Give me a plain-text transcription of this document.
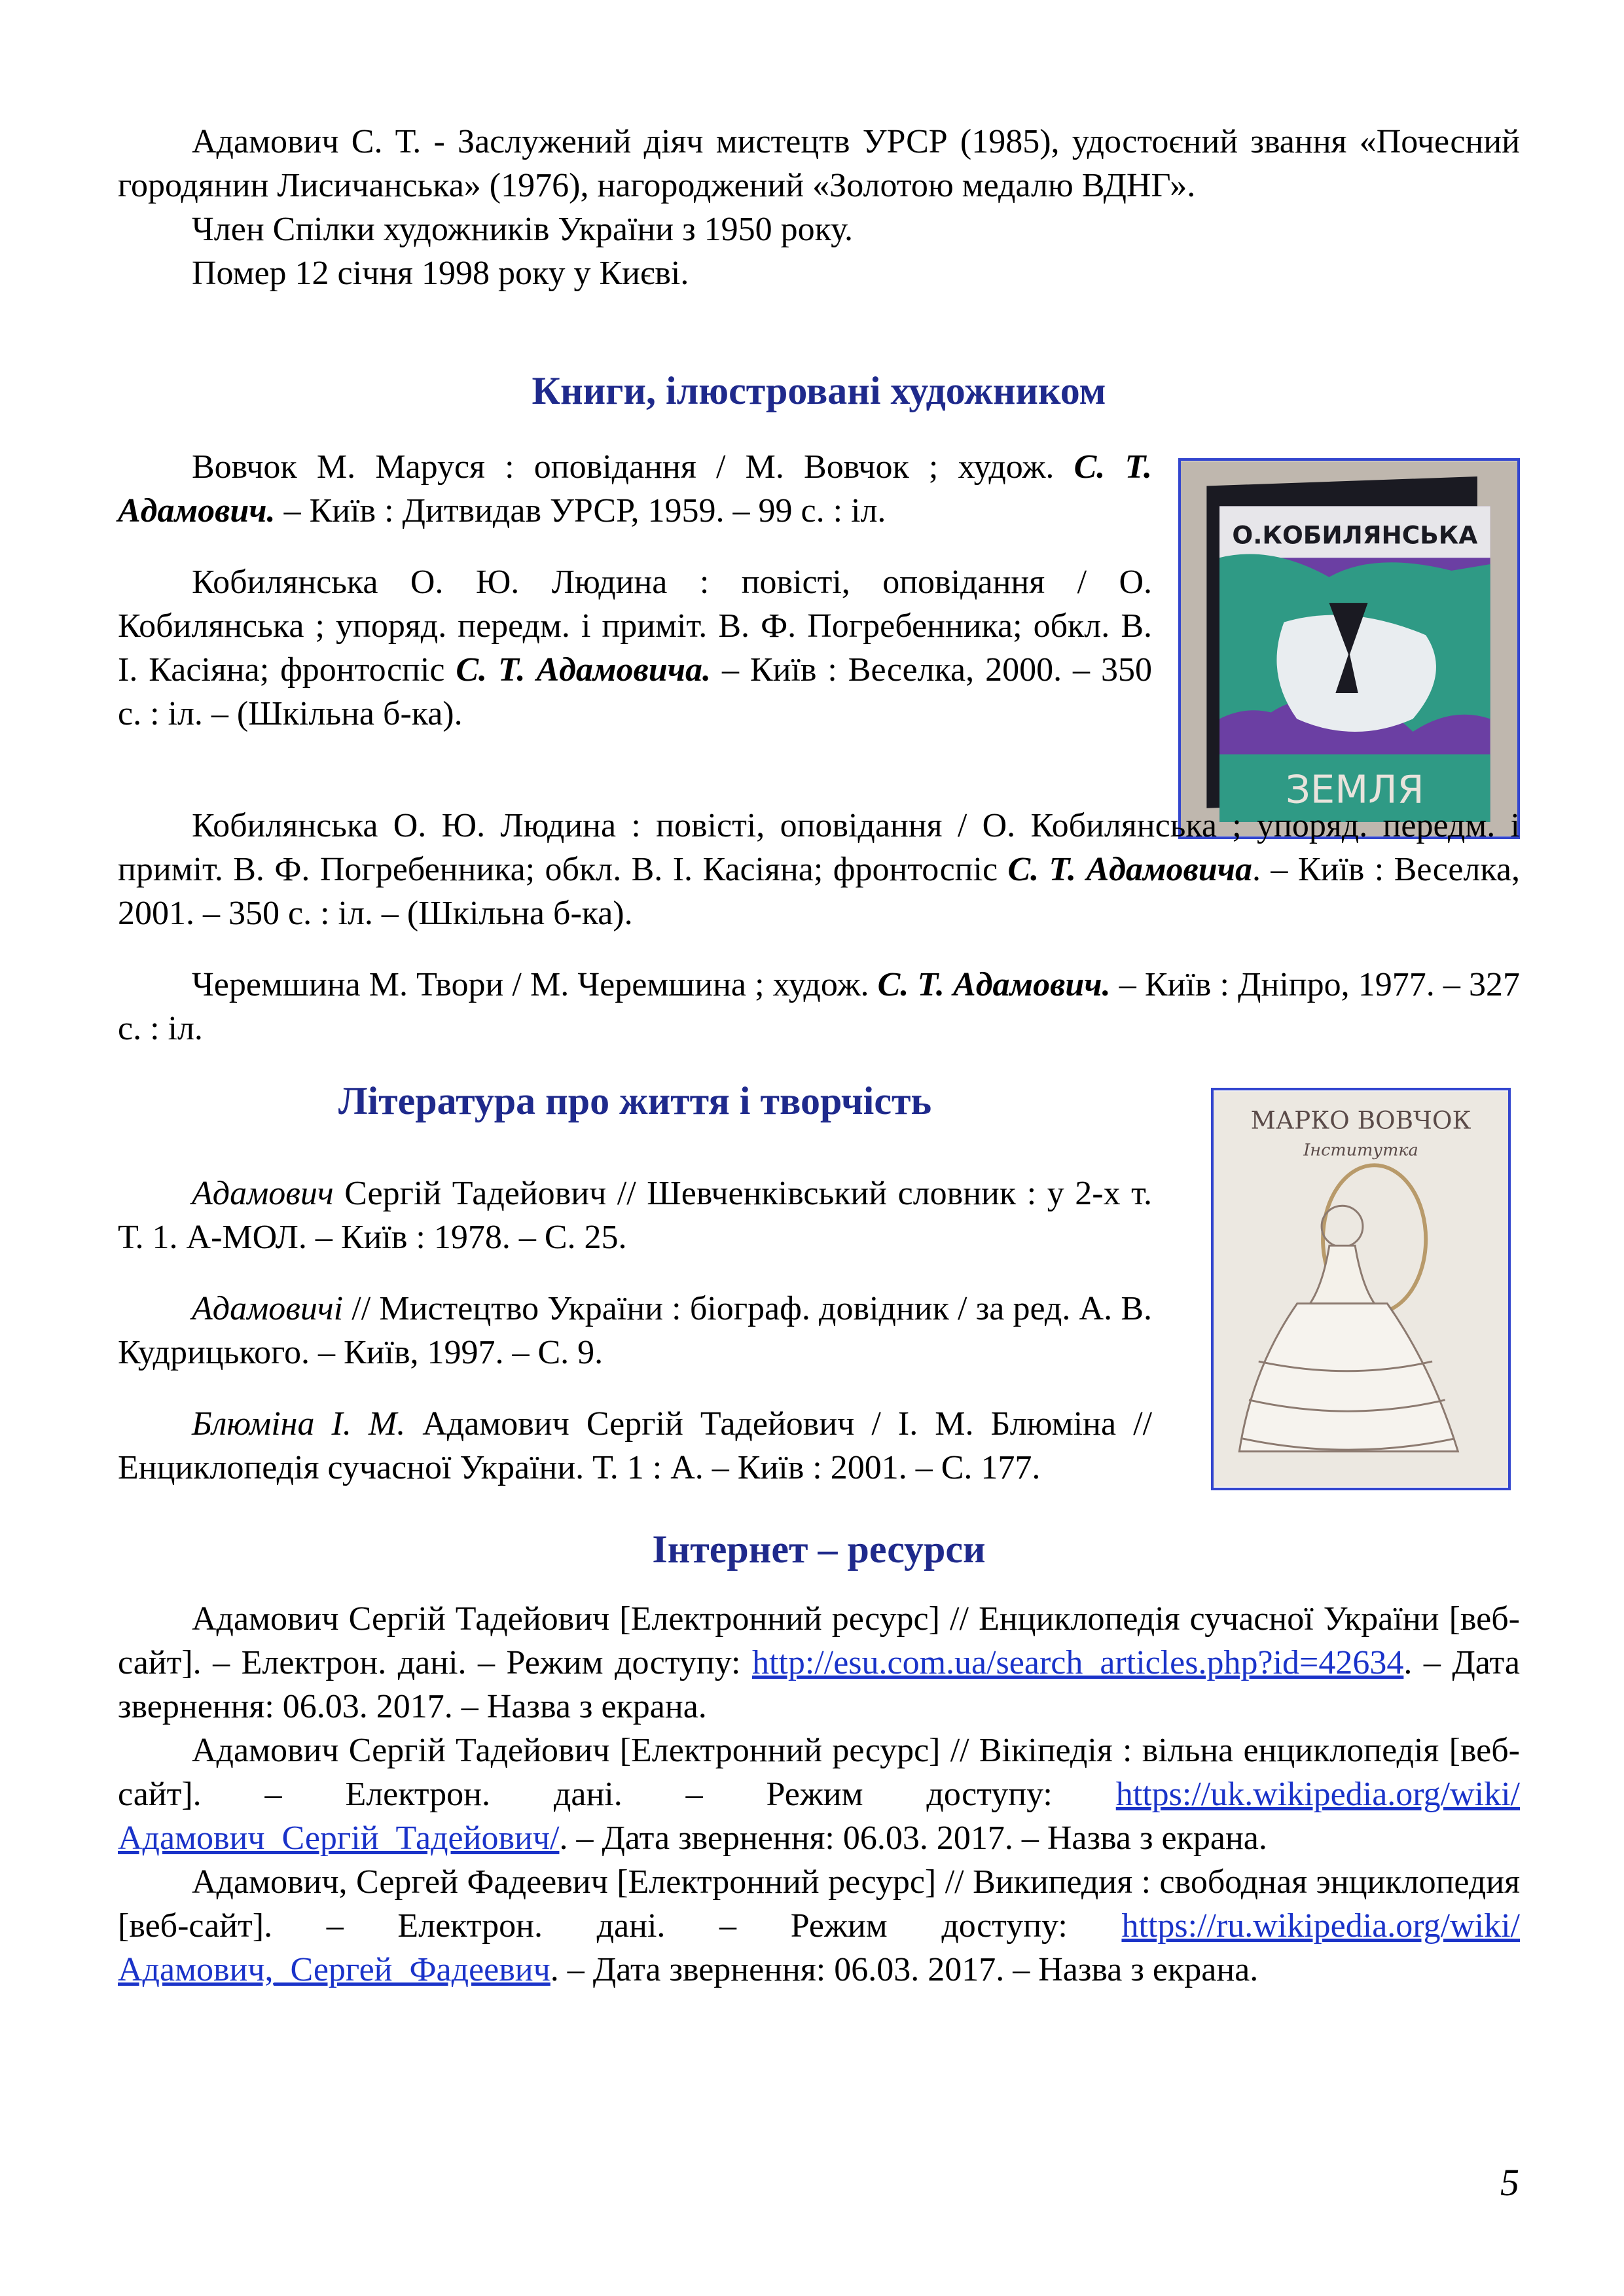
Адамович С. Т. - Заслужений діяч мистецтв УРСР (1985), удостоєний звання «Почесний городянин Лисичанська» (1976), нагороджений «Золотою медалю ВДНГ».

Член Спілки художників України з 1950 року.

Помер 12 січня 1998 року у Києві.

Книги, ілюстровані художником

Вовчок М. Маруся : оповідання / М. Вовчок ; худож. С. Т. Адамович. – Київ : Дитвидав УРСР, 1959. – 99 с. : іл.

Кобилянська О. Ю. Людина : повісті, оповідання / О. Кобилянська ; упоряд. передм. і приміт. В. Ф. Погребенника; обкл. В. І. Касіяна; фронтоспіс С. Т. Адамовича. – Київ : Веселка, 2000. – 350 с. : іл. – (Шкільна б-ка).

О.КОБИЛЯНСЬКА
ЗЕМЛЯ

Кобилянська О. Ю. Людина : повісті, оповідання / О. Кобилянська ; упоряд. передм. і приміт. В. Ф. Погребенника; обкл. В. І. Касіяна; фронтоспіс С. Т. Адамовича. – Київ : Веселка, 2001. – 350 с. : іл. – (Шкільна б-ка).

Черемшина М. Твори / М. Черемшина ; худож. С. Т. Адамович. – Київ : Дніпро, 1977. – 327 с. : іл.

Література про життя і творчість

Адамович Сергій Тадейович // Шевченківський словник : у 2-х т. Т. 1. А-МОЛ. – Київ : 1978. – С. 25.

Адамовичі // Мистецтво України : біограф. довідник / за ред. А. В. Кудрицького. – Київ, 1997. – С. 9.

Блюміна І. М. Адамович Сергій Тадейович / І. М. Блюміна // Енциклопедія сучасної України. Т. 1 : А. – Київ : 2001. – С. 177.

МАРКО ВОВЧОК
Інститутка
Інтернет – ресурси

Адамович Сергій Тадейович [Електронний ресурс] // Енциклопедія сучасної України [веб-сайт]. – Електрон. дані. – Режим доступу: http://esu.com.ua/search_articles.php?id=42634. – Дата звернення: 06.03. 2017. – Назва з екрана.

Адамович Сергій Тадейович [Електронний ресурс] // Вікіпедія : вільна енциклопедія [веб-сайт]. – Електрон. дані. – Режим доступу: https://uk.wikipedia.org/wiki/Адамович_Сергій_Тадейович/. – Дата звернення: 06.03. 2017. – Назва з екрана.

Адамович, Сергей Фадеевич [Електронний ресурс] // Википедия : свободная энциклопедия [веб-сайт]. – Електрон. дані. – Режим доступу: https://ru.wikipedia.org/wiki/Адамович,_Сергей_Фадеевич. – Дата звернення: 06.03. 2017. – Назва з екрана.

5
